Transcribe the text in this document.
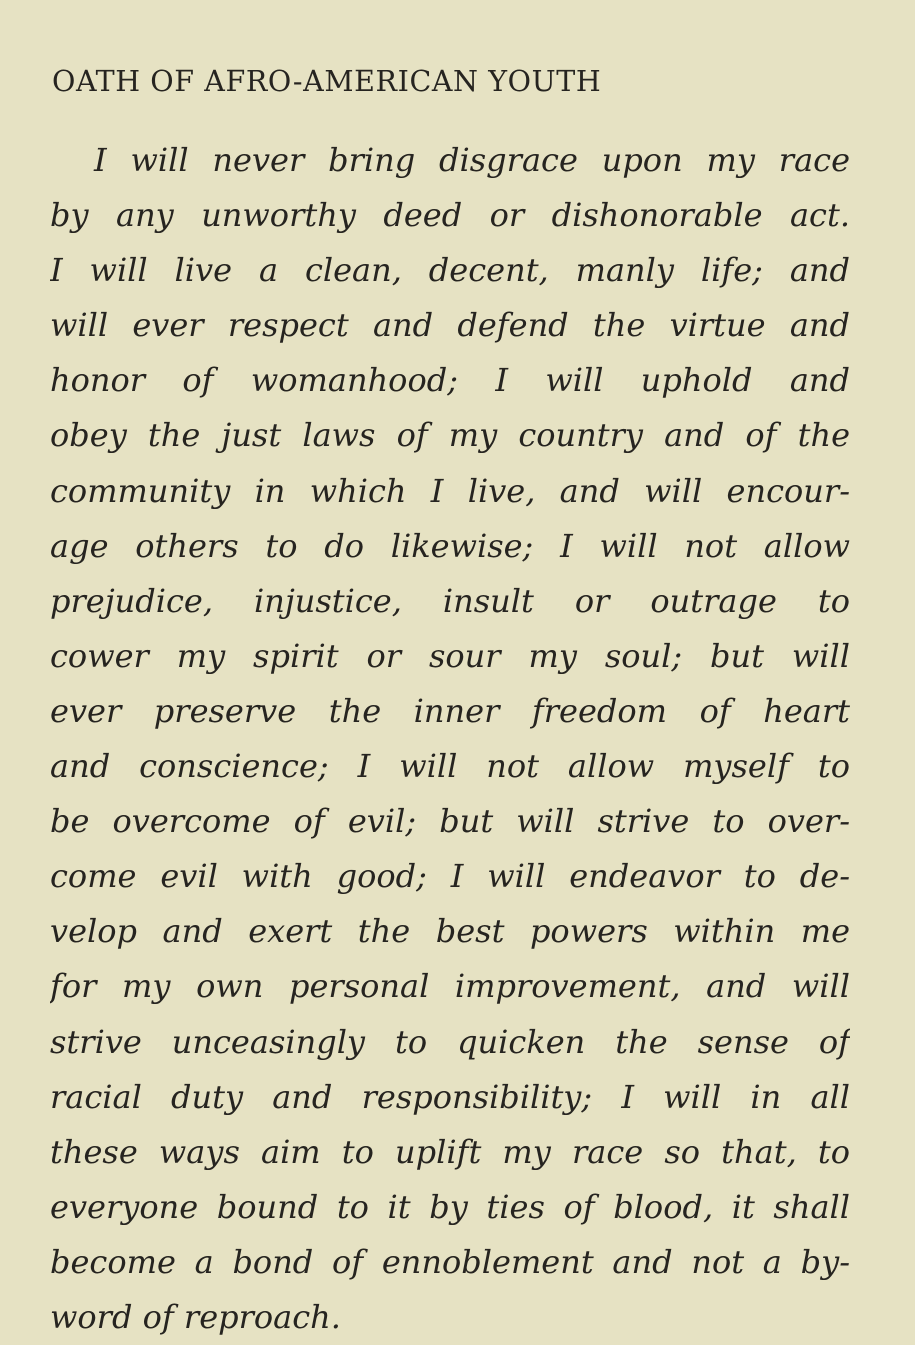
OATH OF AFRO-AMERICAN YOUTH
I will never bring disgrace upon my race
by any unworthy deed or dishonorable act.
I will live a clean, decent, manly life; and
will ever respect and defend the virtue and
honor of womanhood; I will uphold and
obey the just laws of my country and of the
community in which I live, and will encour-
age others to do likewise; I will not allow
prejudice, injustice, insult or outrage to
cower my spirit or sour my soul; but will
ever preserve the inner freedom of heart
and conscience; I will not allow myself to
be overcome of evil; but will strive to over-
come evil with good; I will endeavor to de-
velop and exert the best powers within me
for my own personal improvement, and will
strive unceasingly to quicken the sense of
racial duty and responsibility; I will in all
these ways aim to uplift my race so that, to
everyone bound to it by ties of blood, it shall
become a bond of ennoblement and not a by-
word of reproach.
